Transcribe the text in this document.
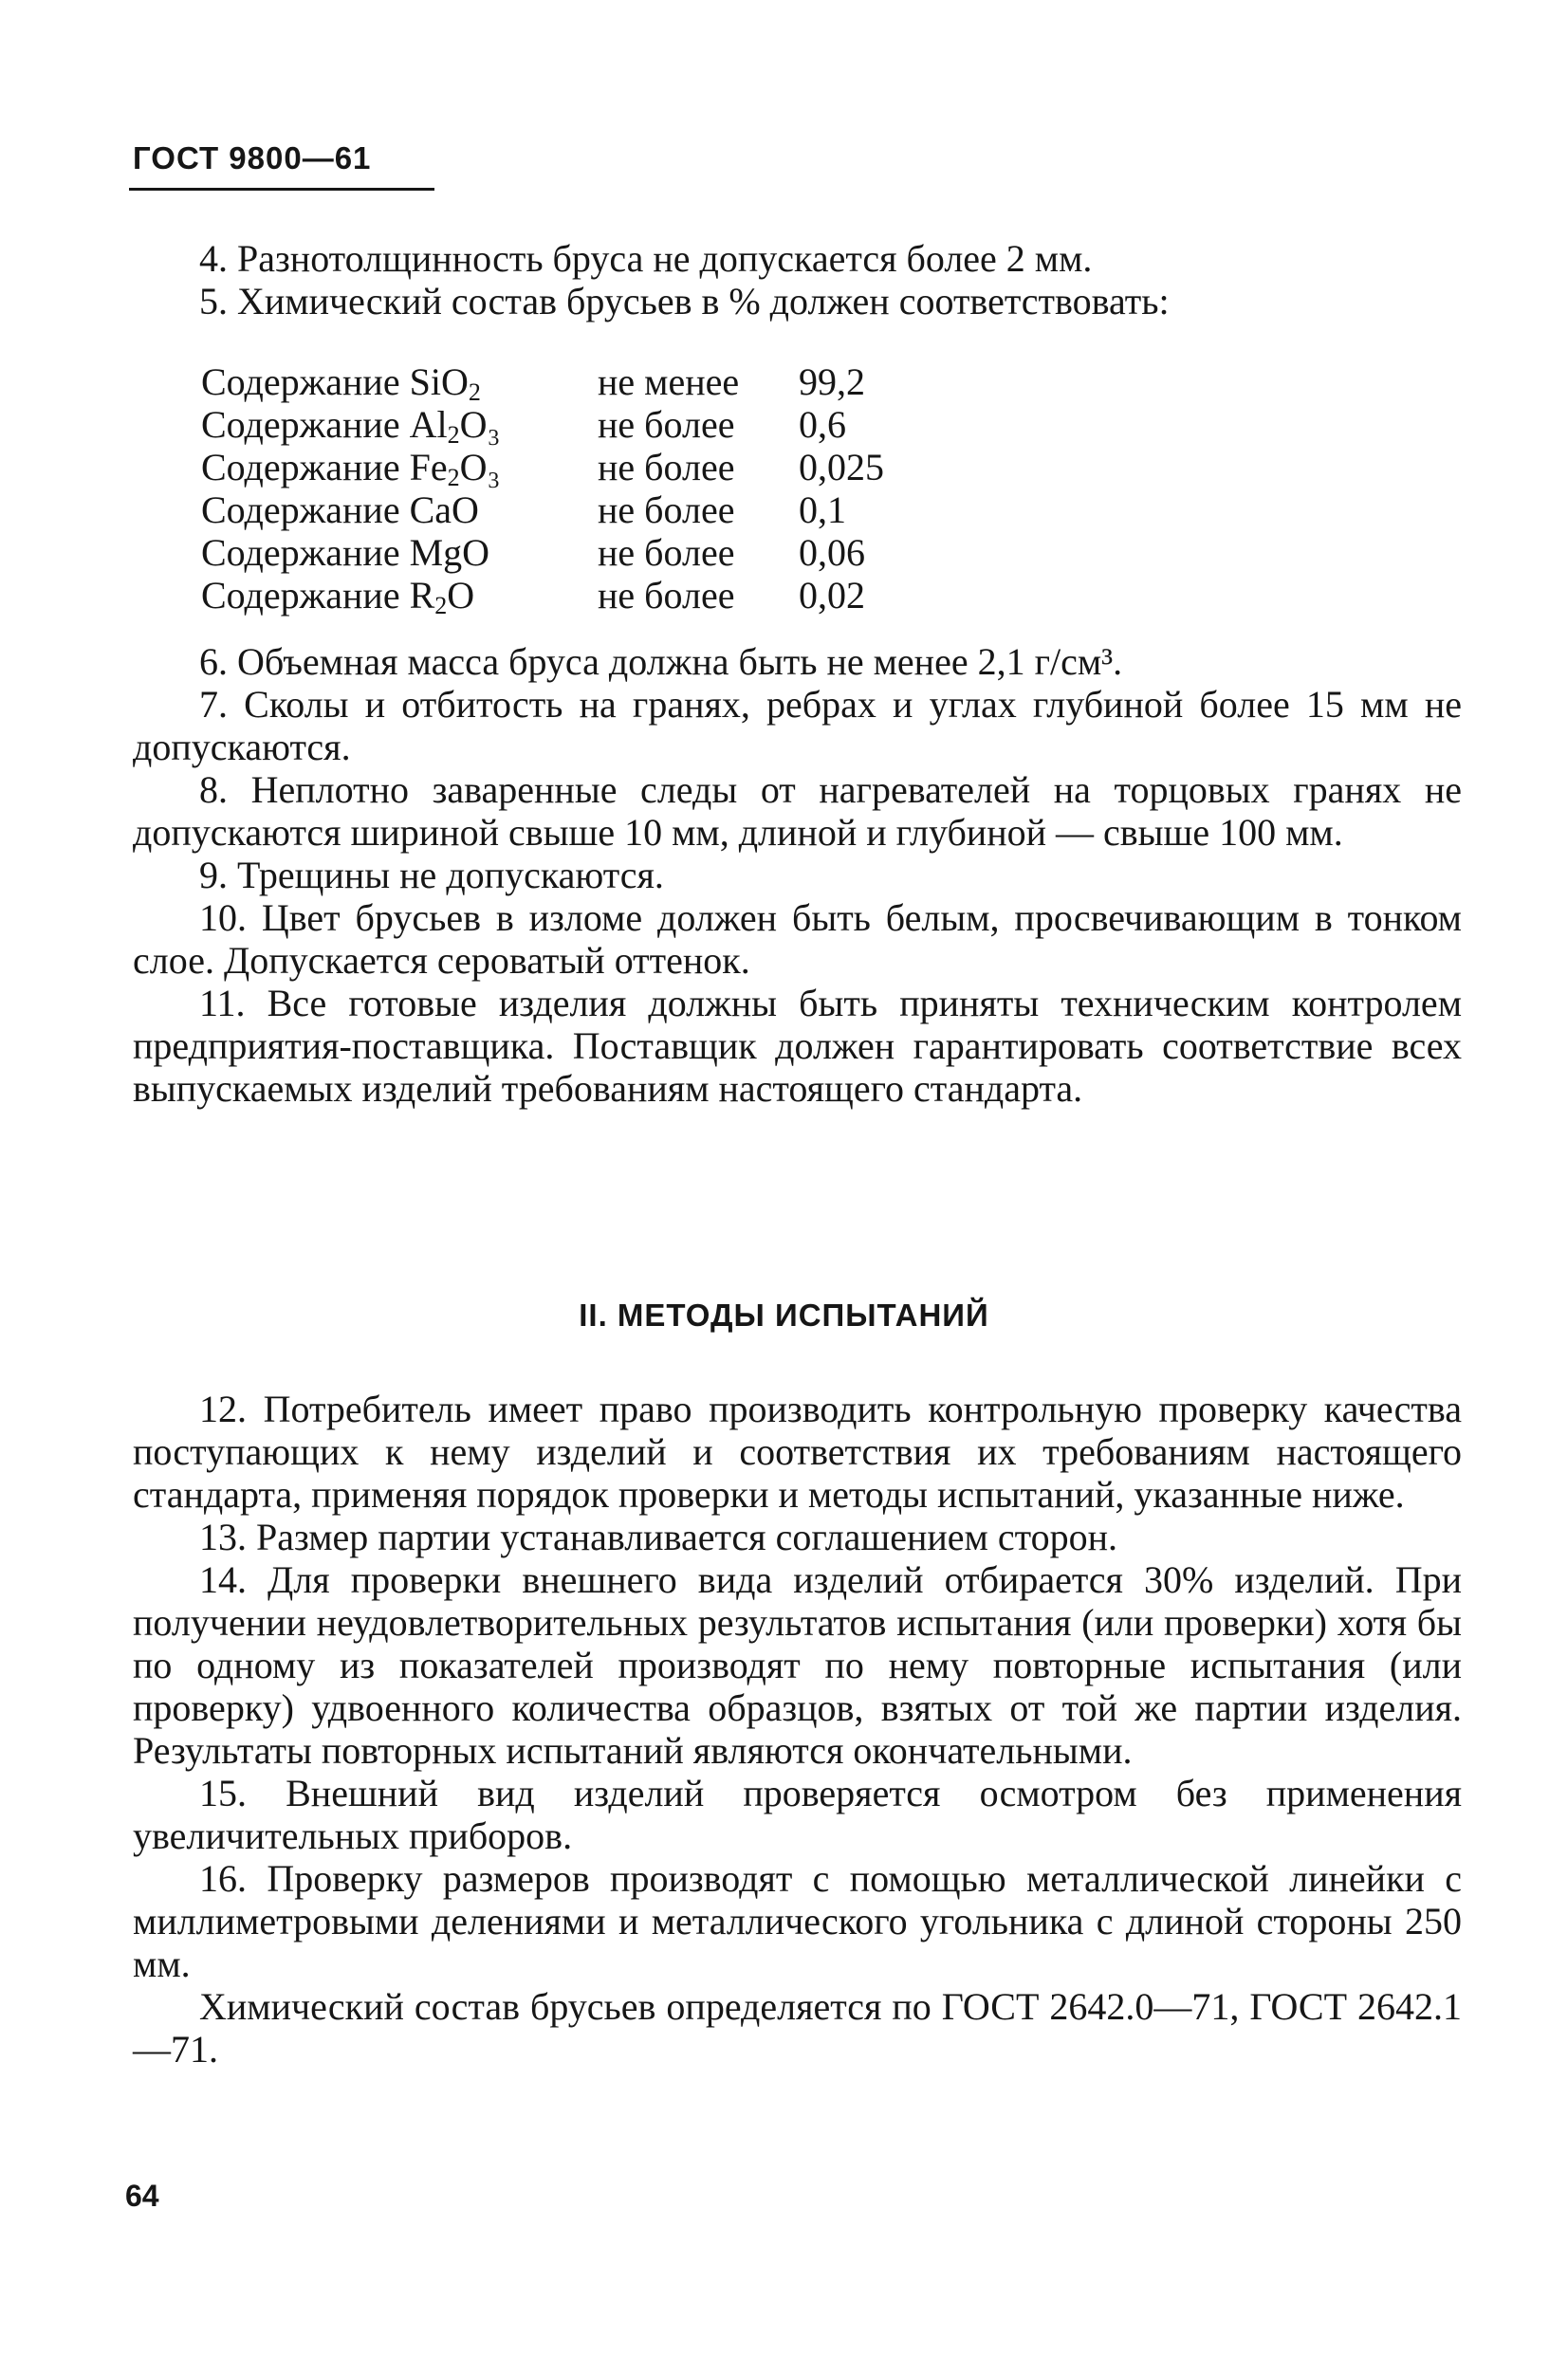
ГОСТ 9800—61

4. Разнотолщинность бруса не допускается более 2 мм.

5. Химический состав брусьев в % должен соответствовать:

Содержание SiO$_2$	не менее	99,2
Содержание $Al_2O_3$	не более	0,6
Содержание $Fe_2O_3$	не более	0,025
Содержание CaO	не более	0,1
Содержание MgO	не более	0,06
Содержание $R_2O$	не более	0,02

6. Объемная масса бруса должна быть не менее 2,1 г/см³.

7. Сколы и отбитость на гранях, ребрах и углах глубиной более 15 мм не допускаются.

8. Неплотно заваренные следы от нагревателей на торцовых гранях не допускаются шириной свыше 10 мм, длиной и глубиной — свыше 100 мм.

9. Трещины не допускаются.

10. Цвет брусьев в изломе должен быть белым, просвечивающим в тонком слое. Допускается сероватый оттенок.

11. Все готовые изделия должны быть приняты техническим контролем предприятия-поставщика. Поставщик должен гарантировать соответствие всех выпускаемых изделий требованиям настоящего стандарта.

II. МЕТОДЫ ИСПЫТАНИЙ

12. Потребитель имеет право производить контрольную проверку качества поступающих к нему изделий и соответствия их требованиям настоящего стандарта, применяя порядок проверки и методы испытаний, указанные ниже.

13. Размер партии устанавливается соглашением сторон.

14. Для проверки внешнего вида изделий отбирается 30% изделий. При получении неудовлетворительных результатов испытания (или проверки) хотя бы по одному из показателей производят по нему повторные испытания (или проверку) удвоенного количества образцов, взятых от той же партии изделия. Результаты повторных испытаний являются окончательными.

15. Внешний вид изделий проверяется осмотром без применения увеличительных приборов.

16. Проверку размеров производят с помощью металлической линейки с миллиметровыми делениями и металлического угольника с длиной стороны 250 мм.

Химический состав брусьев определяется по ГОСТ 2642.0—71, ГОСТ 2642.1—71.

64
